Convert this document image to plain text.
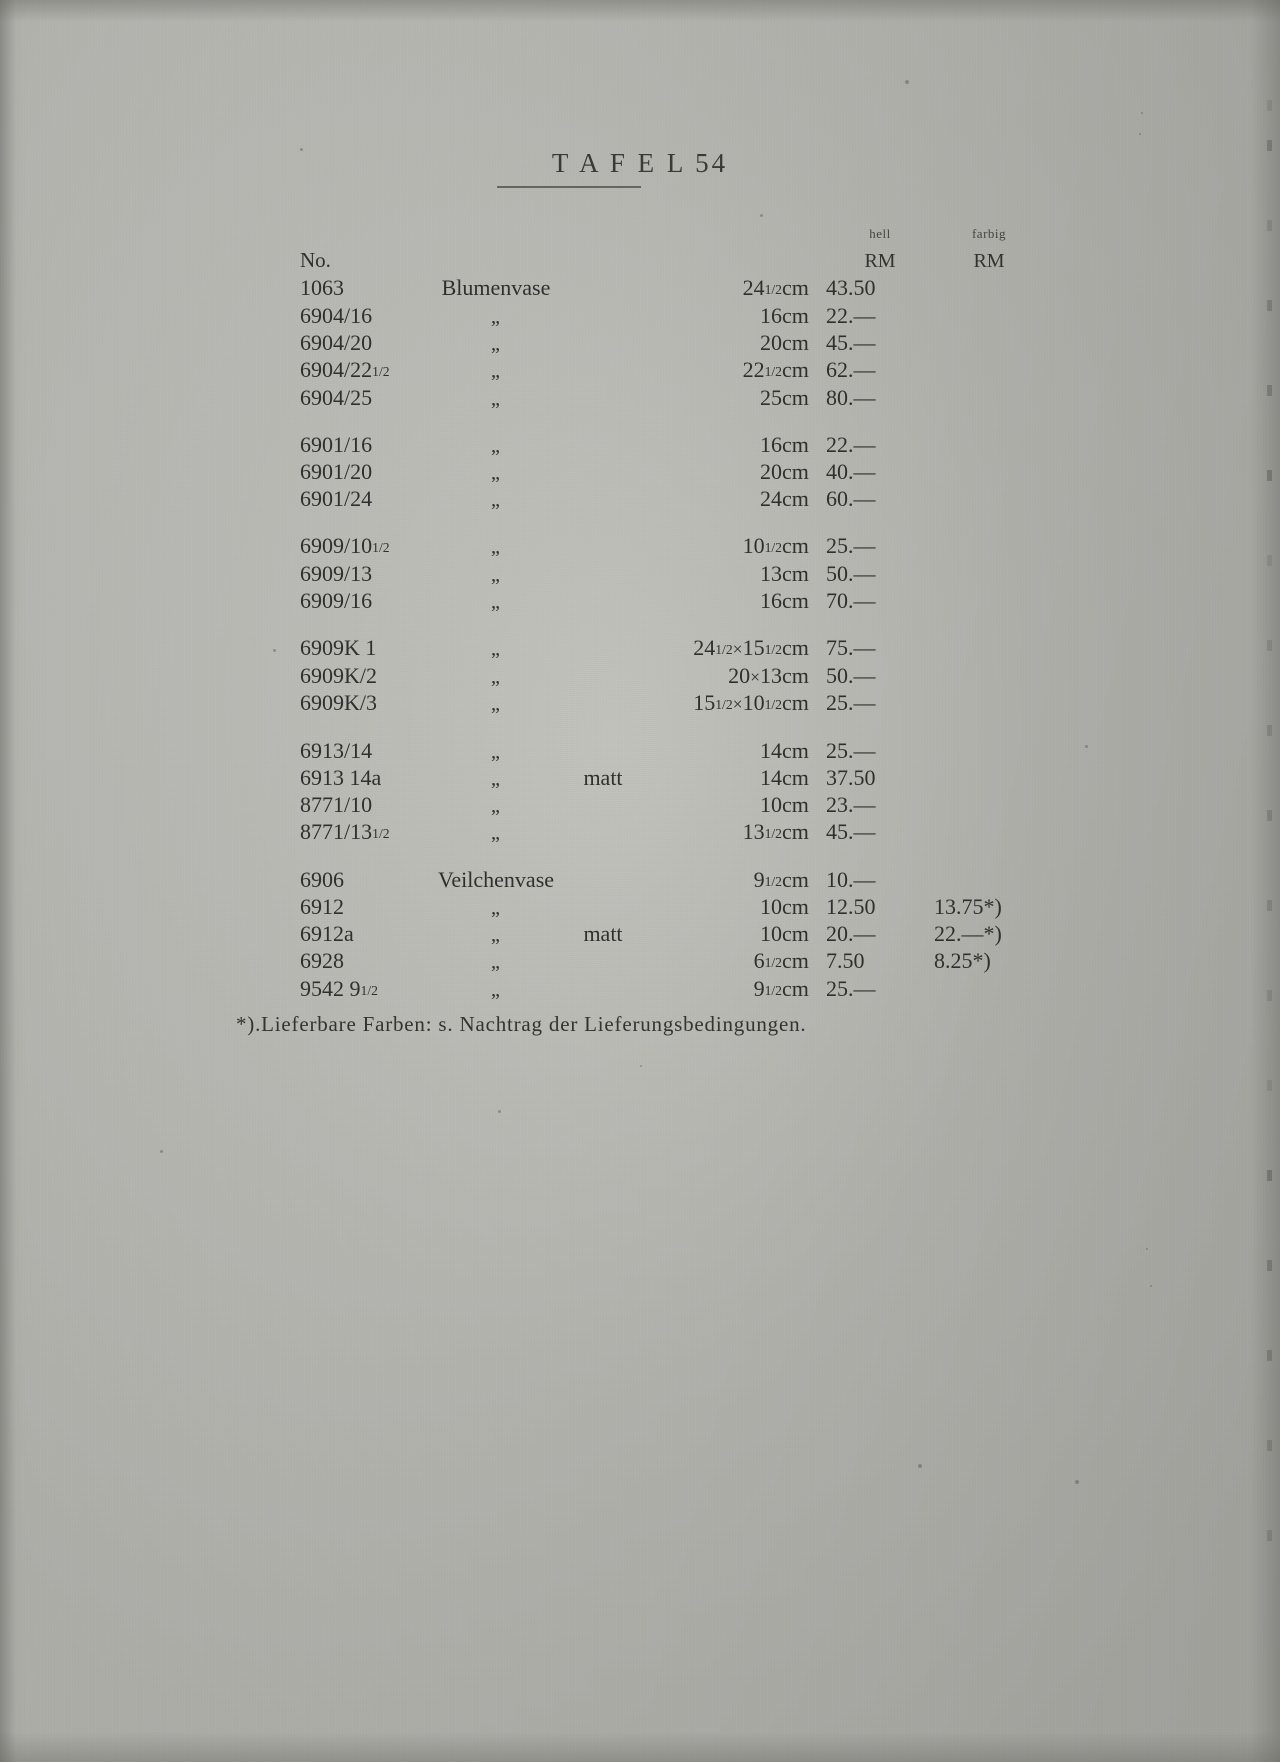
T A F E L 54
					hell	farbig
No.					RM	RM
1063	Blumenvase		241/2	cm	43.50	
6904/16	„		16	cm	22.—	
6904/20	„		20	cm	45.—	
6904/221/2	„		221/2	cm	62.—	
6904/25	„		25	cm	80.—	

6901/16	„		16	cm	22.—	
6901/20	„		20	cm	40.—	
6901/24	„		24	cm	60.—	

6909/101/2	„		101/2	cm	25.—	
6909/13	„		13	cm	50.—	
6909/16	„		16	cm	70.—	

6909K 1	„		241/2×151/2	cm	75.—	
6909K/2	„		20×13	cm	50.—	
6909K/3	„		151/2×101/2	cm	25.—	

6913/14	„		14	cm	25.—	
6913 14a	„	matt	14	cm	37.50	
8771/10	„		10	cm	23.—	
8771/131/2	„		131/2	cm	45.—	

6906	Veilchenvase		91/2	cm	10.—	
6912	„		10	cm	12.50	13.75*)
6912a	„	matt	10	cm	20.—	22.—*)
6928	„		61/2	cm	7.50	8.25*)
9542 91/2	„		91/2	cm	25.—	
*).Lieferbare Farben: s. Nachtrag der Lieferungsbedingungen.
